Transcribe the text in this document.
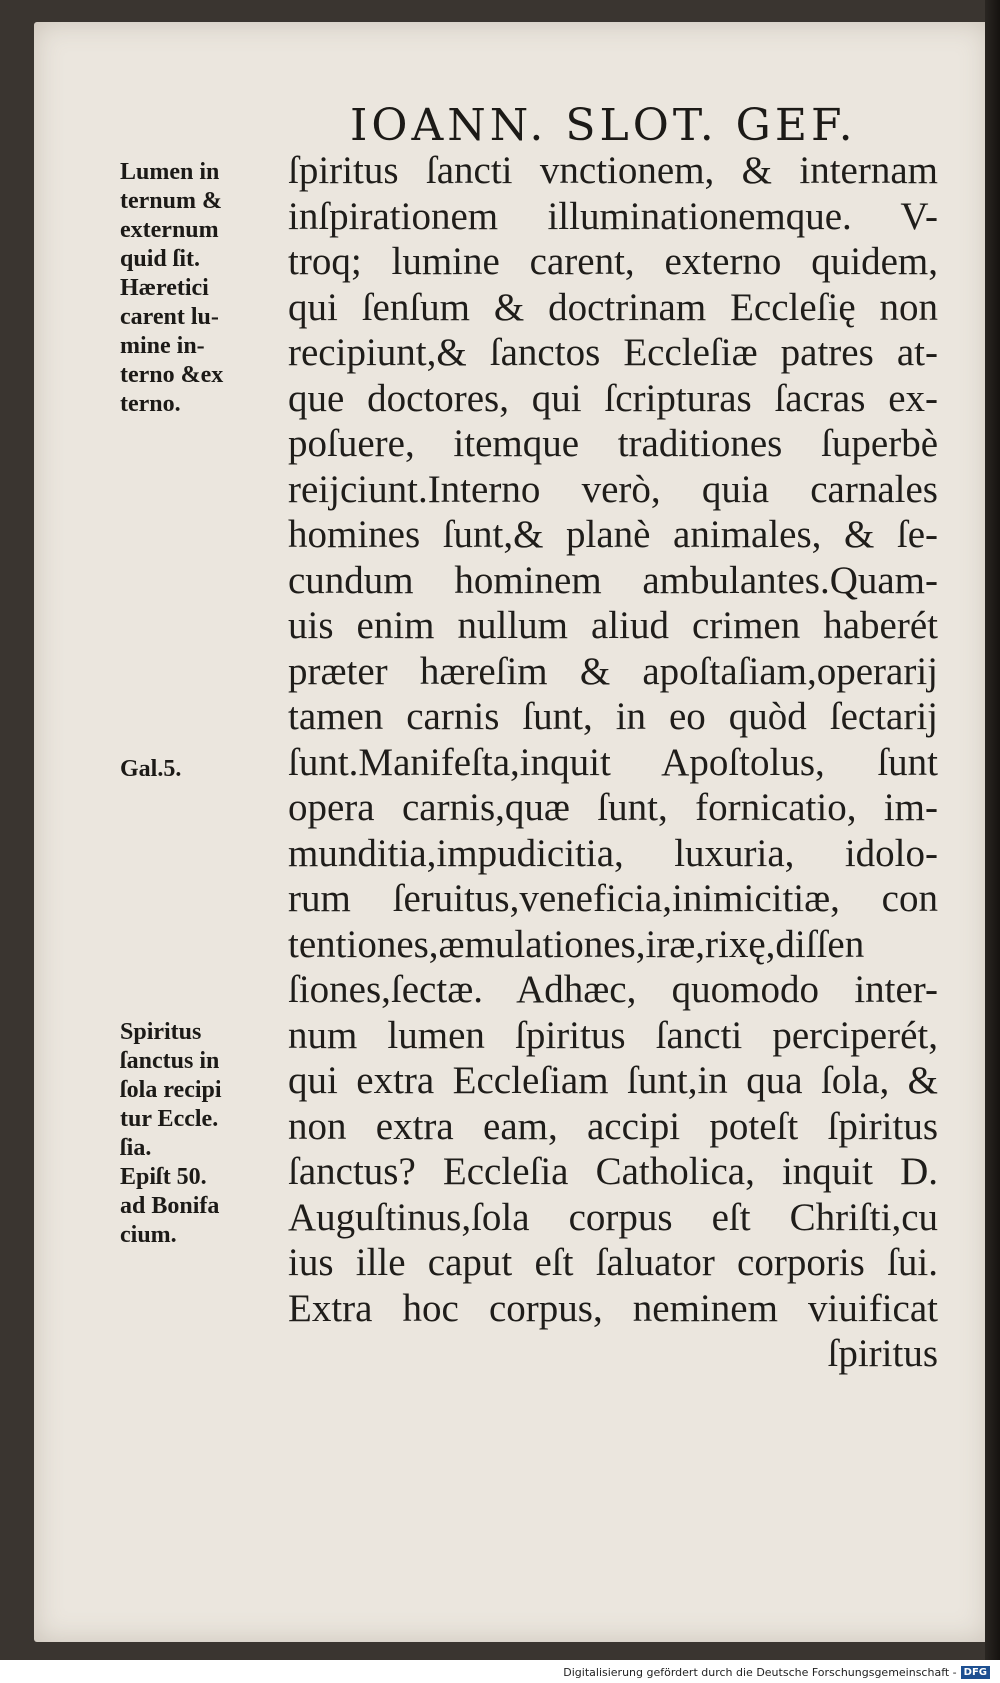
IOANN. SLOT. GEF.
Lumen in
ternum &
externum
quid ſit.
Hæretici
carent lu-
mine in-
terno &ex
terno.
Gal.5.
Spiritus
ſanctus in
ſola recipi
tur Eccle.
ſia.
Epiſt 50.
ad Bonifa
cium.
ſpiritus ſancti vnctionem, & internam
inſpirationem illuminationemque. V-
troq; lumine carent, externo quidem,
qui ſenſum & doctrinam Eccleſię non
recipiunt,& ſanctos Eccleſiæ patres at-
que doctores, qui ſcripturas ſacras ex-
poſuere, itemque traditiones ſuperbè
reijciunt.Interno verò, quia carnales
homines ſunt,& planè animales, & ſe-
cundum hominem ambulantes.Quam-
uis enim nullum aliud crimen haberét
præter hæreſim & apoſtaſiam,operarij
tamen carnis ſunt, in eo quòd ſectarij
ſunt.Manifeſta,inquit Apoſtolus, ſunt
opera carnis,quæ ſunt, fornicatio, im-
munditia,impudicitia, luxuria, idolo-
rum ſeruitus,veneficia,inimicitiæ, con
tentiones,æmulationes,iræ,rixę,diſſen
ſiones,ſectæ. Adhæc, quomodo inter-
num lumen ſpiritus ſancti perciperét,
qui extra Eccleſiam ſunt,in qua ſola, &
non extra eam, accipi poteſt ſpiritus
ſanctus? Eccleſia Catholica, inquit D.
Auguſtinus,ſola corpus eſt Chriſti,cu
ius ille caput eſt ſaluator corporis ſui.
Extra hoc corpus, neminem viuificat
ſpiritus
Digitalisierung gefördert durch die Deutsche Forschungsgemeinschaft - DFG
